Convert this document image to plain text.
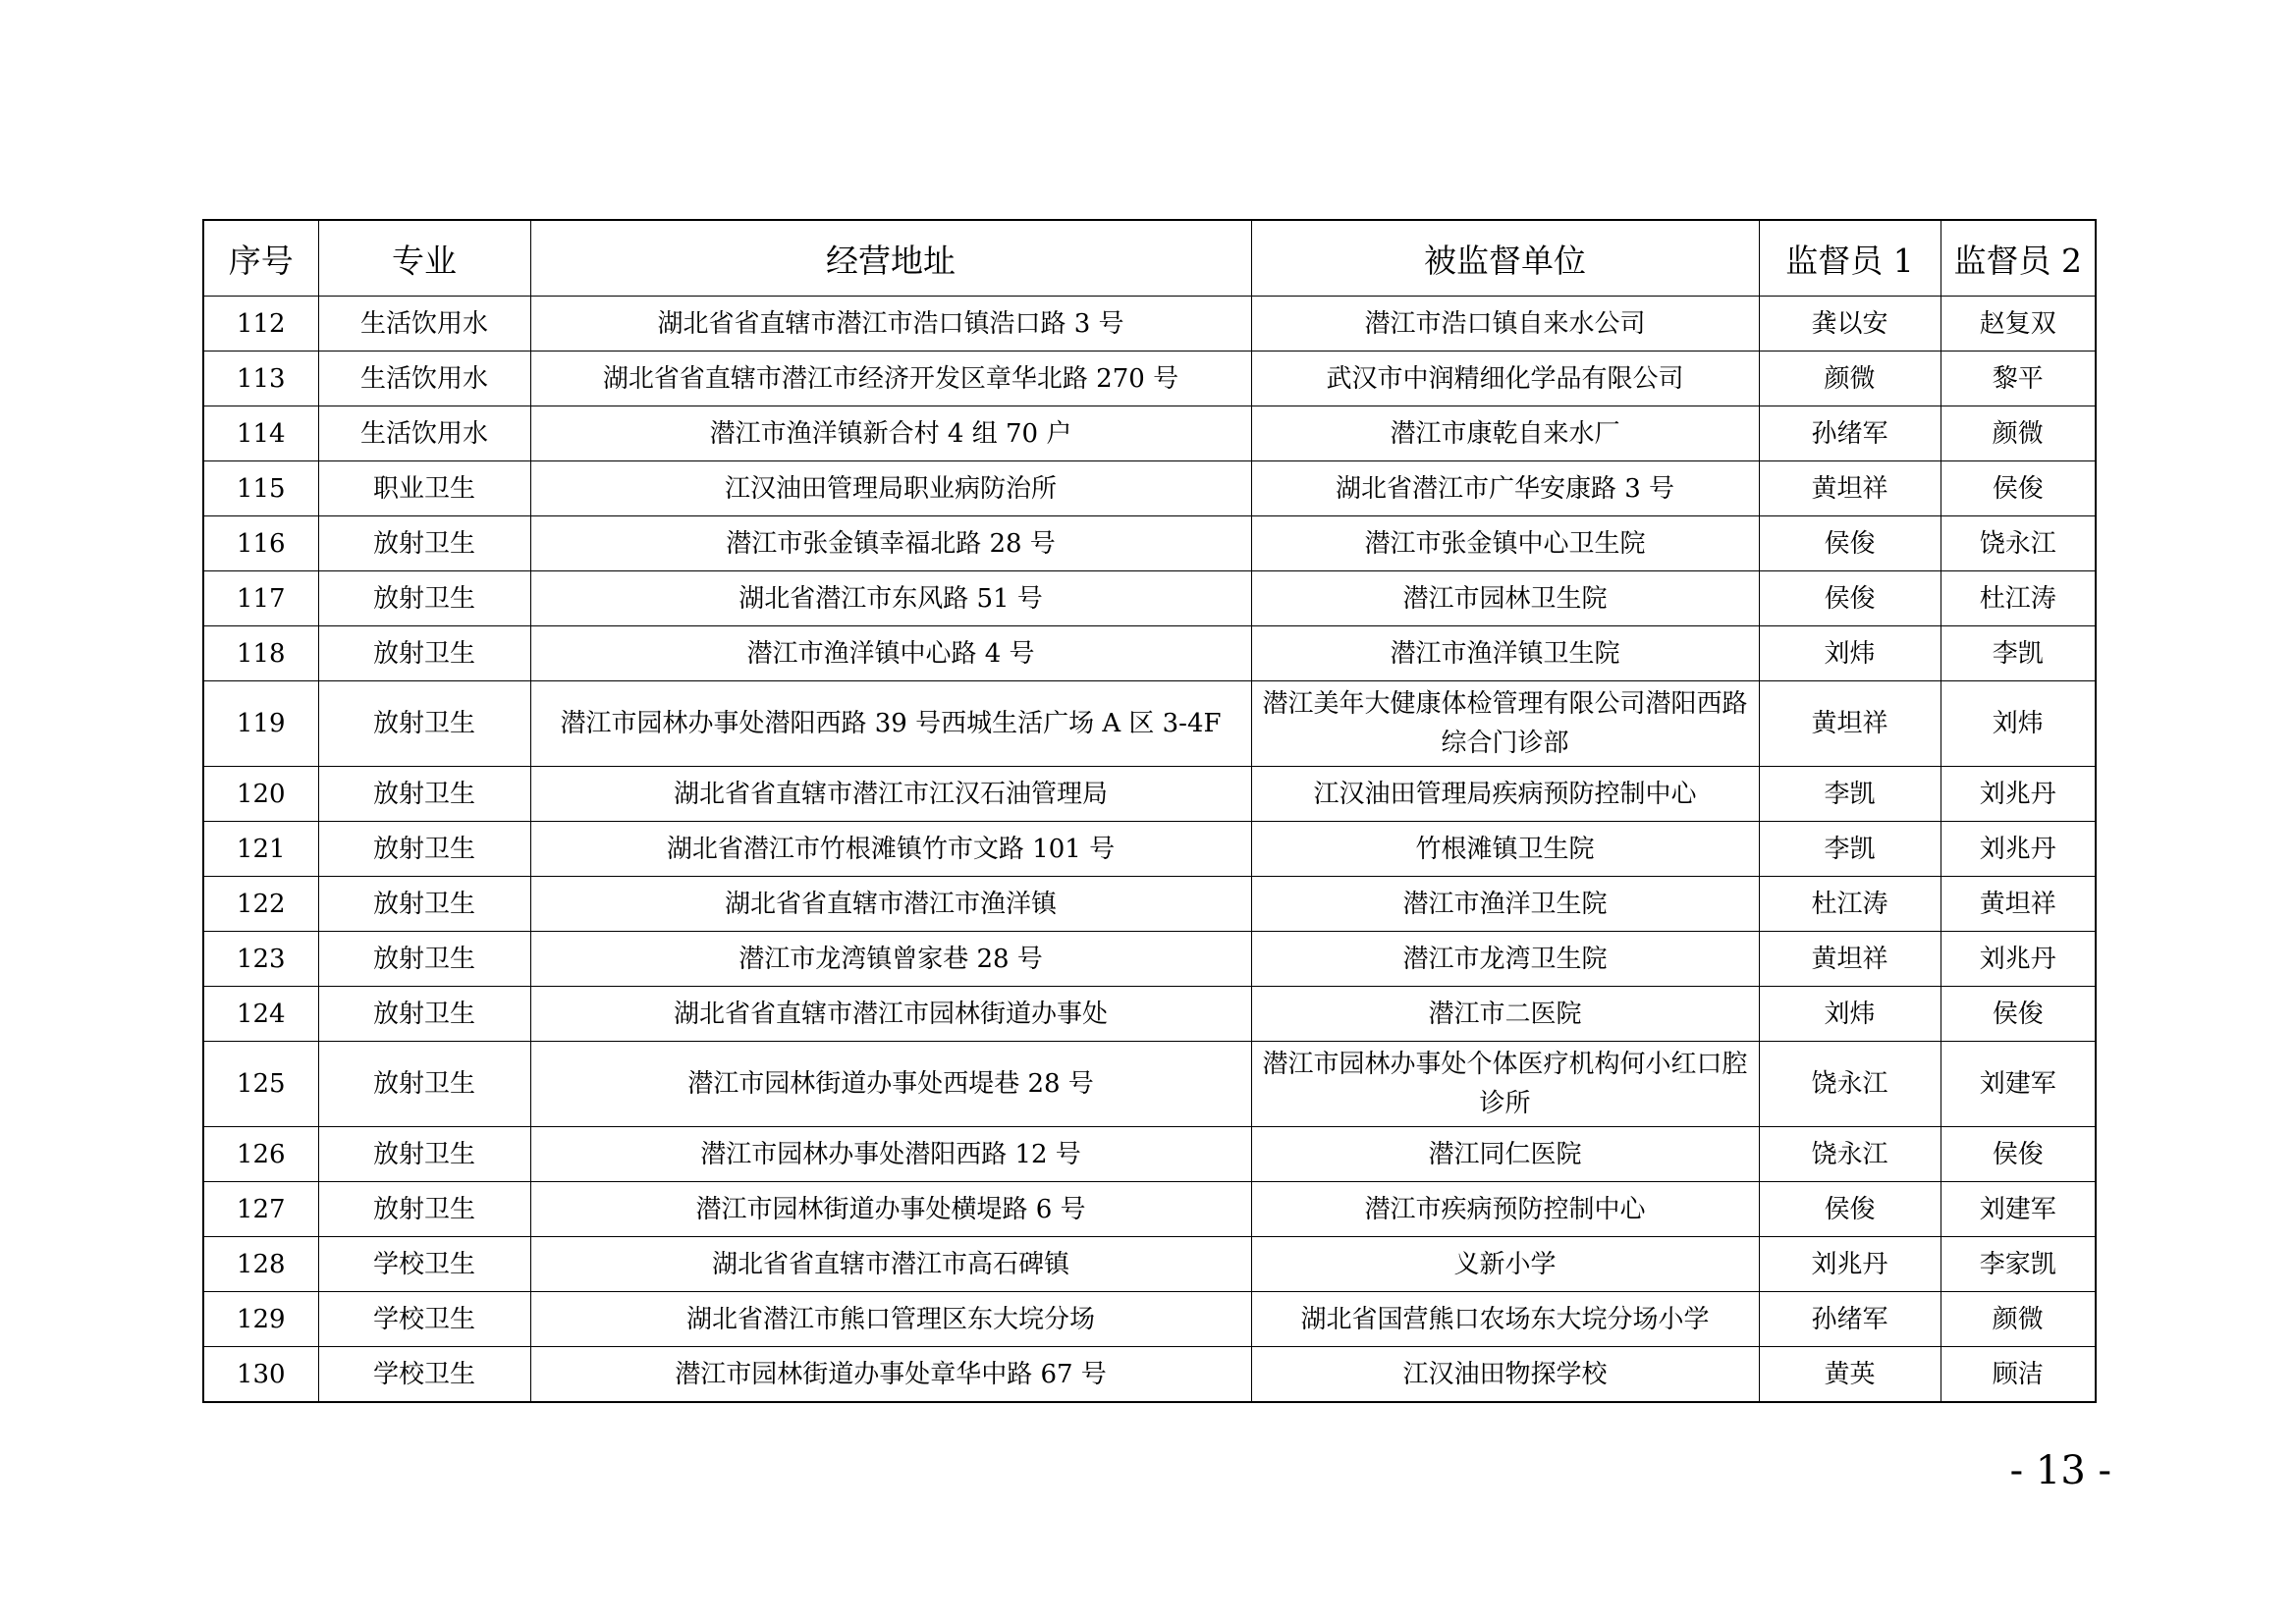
序号	专业	经营地址	被监督单位	监督员 1	监督员 2
112	生活饮用水	湖北省省直辖市潜江市浩口镇浩口路 3 号	潜江市浩口镇自来水公司	龚以安	赵复双
113	生活饮用水	湖北省省直辖市潜江市经济开发区章华北路 270 号	武汉市中润精细化学品有限公司	颜微	黎平
114	生活饮用水	潜江市渔洋镇新合村 4 组 70 户	潜江市康乾自来水厂	孙绪军	颜微
115	职业卫生	江汉油田管理局职业病防治所	湖北省潜江市广华安康路 3 号	黄坦祥	侯俊
116	放射卫生	潜江市张金镇幸福北路 28 号	潜江市张金镇中心卫生院	侯俊	饶永江
117	放射卫生	湖北省潜江市东风路 51 号	潜江市园林卫生院	侯俊	杜江涛
118	放射卫生	潜江市渔洋镇中心路 4 号	潜江市渔洋镇卫生院	刘炜	李凯
119	放射卫生	潜江市园林办事处潜阳西路 39 号西城生活广场 A 区 3-4F	潜江美年大健康体检管理有限公司潜阳西路综合门诊部	黄坦祥	刘炜
120	放射卫生	湖北省省直辖市潜江市江汉石油管理局	江汉油田管理局疾病预防控制中心	李凯	刘兆丹
121	放射卫生	湖北省潜江市竹根滩镇竹市文路 101 号	竹根滩镇卫生院	李凯	刘兆丹
122	放射卫生	湖北省省直辖市潜江市渔洋镇	潜江市渔洋卫生院	杜江涛	黄坦祥
123	放射卫生	潜江市龙湾镇曾家巷 28 号	潜江市龙湾卫生院	黄坦祥	刘兆丹
124	放射卫生	湖北省省直辖市潜江市园林街道办事处	潜江市二医院	刘炜	侯俊
125	放射卫生	潜江市园林街道办事处西堤巷 28 号	潜江市园林办事处个体医疗机构何小红口腔诊所	饶永江	刘建军
126	放射卫生	潜江市园林办事处潜阳西路 12 号	潜江同仁医院	饶永江	侯俊
127	放射卫生	潜江市园林街道办事处横堤路 6 号	潜江市疾病预防控制中心	侯俊	刘建军
128	学校卫生	湖北省省直辖市潜江市高石碑镇	义新小学	刘兆丹	李家凯
129	学校卫生	湖北省潜江市熊口管理区东大垸分场	湖北省国营熊口农场东大垸分场小学	孙绪军	颜微
130	学校卫生	潜江市园林街道办事处章华中路 67 号	江汉油田物探学校	黄英	顾洁
- 13 -
